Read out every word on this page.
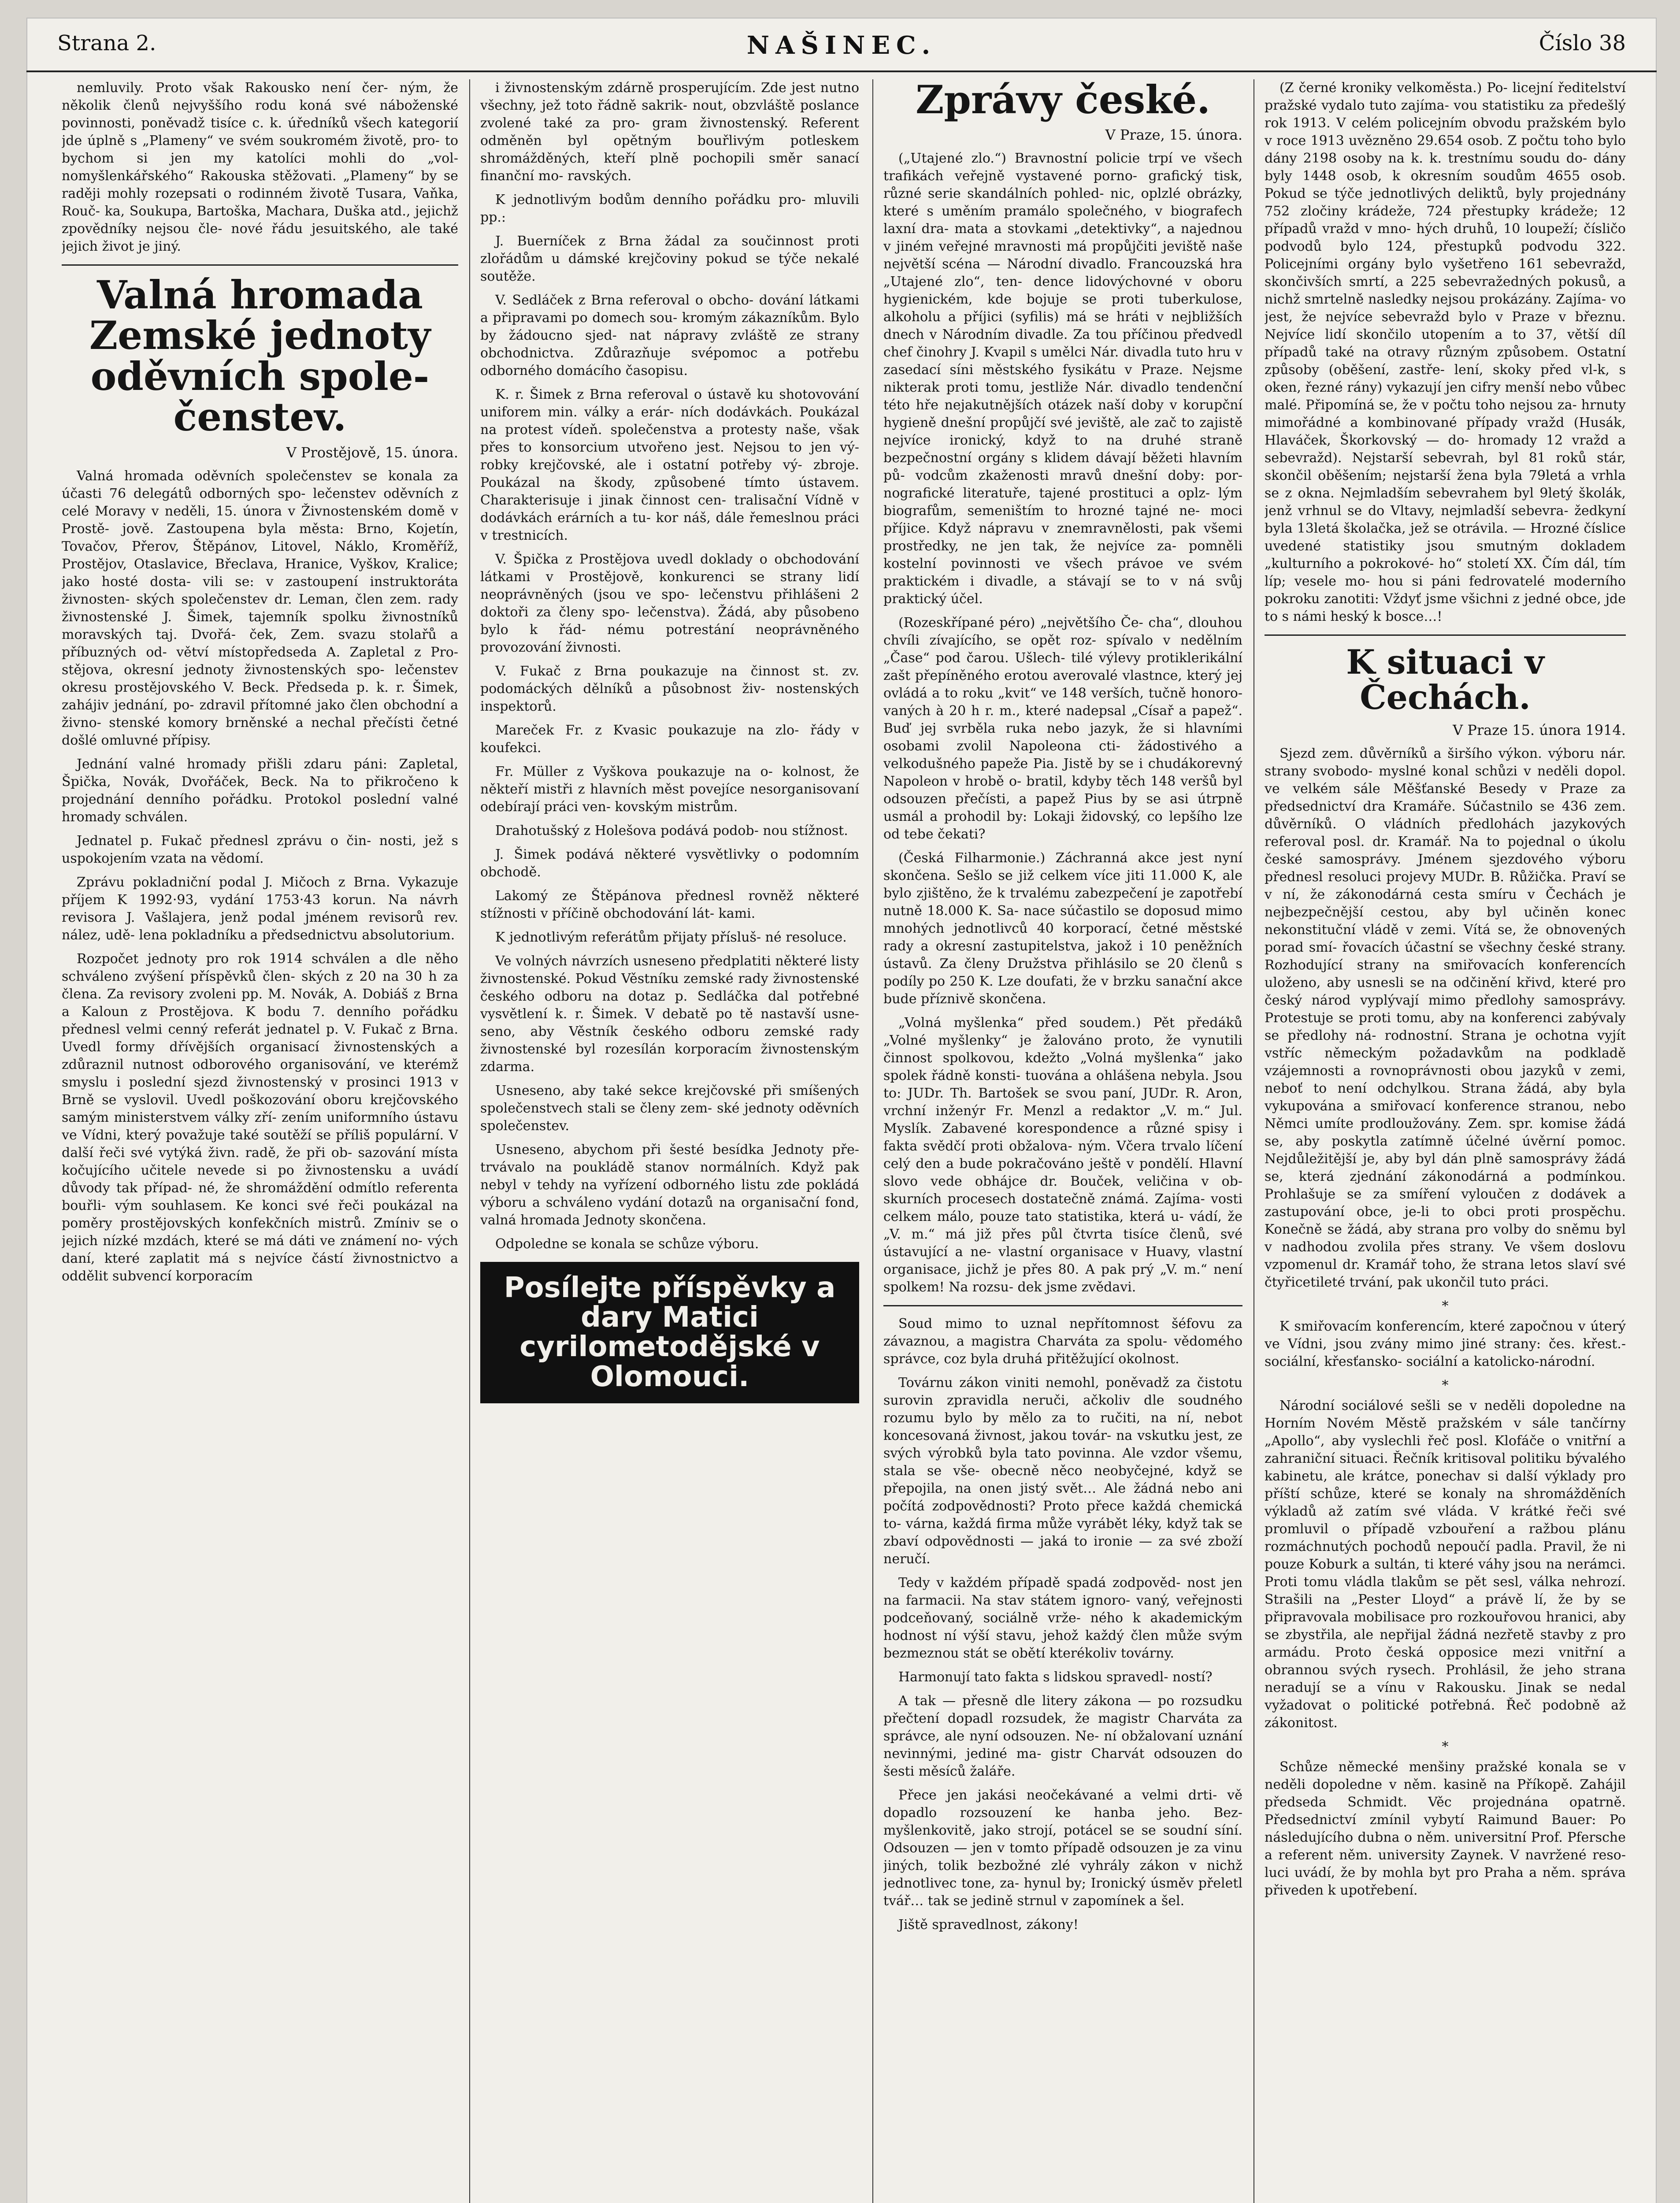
Strana 2.	NAŠINEC.	Číslo 38

nemluvily. Proto však Rakousko není čer‑ ným, že několik členů nejvyššího rodu koná své náboženské povinnosti, poněvadž tisíce c. k. úředníků všech kategorií jde úplně s „Plameny“ ve svém soukromém životě, pro‑ to bychom si jen my katolíci mohli do „vol‑ nomyšlenkářského“ Rakouska stěžovati. „Plameny“ by se raději mohly rozepsati o rodinném životě Tusara, Vaňka, Rouč‑ ka, Soukupa, Bartoška, Machara, Duška atd., jejichž zpovědníky nejsou čle‑ nové řádu jesuitského, ale také jejich život je jiný.

Valná hromada Zemské jednoty oděvních spole‑ čenstev.

V Prostějově, 15. února.

Valná hromada oděvních společenstev se konala za účasti 76 delegátů odborných spo‑ lečenstev oděvních z celé Moravy v neděli, 15. února v Živnostenském domě v Prostě‑ jově. Zastoupena byla města: Brno, Kojetín, Tovačov, Přerov, Štěpánov, Litovel, Náklo, Kroměříž, Prostějov, Otaslavice, Břeclava, Hranice, Vyškov, Kralice; jako hosté dosta‑ vili se: v zastoupení instruktoráta živnosten‑ ských společenstev dr. Leman, člen zem. rady živnostenské J. Šimek, tajemník spolku živnostníků moravských taj. Dvořá‑ ček, Zem. svazu stolařů a příbuzných od‑ větví místopředseda A. Zapletal z Pro‑ stějova, okresní jednoty živnostenských spo‑ lečenstev okresu prostějovského V. Beck. Předseda p. k. r. Šimek, zahájiv jednání, po‑ zdravil přítomné jako člen obchodní a živno‑ stenské komory brněnské a nechal přečísti četné došlé omluvné přípisy.

Jednání valné hromady přišli zdaru páni: Zapletal, Špička, Novák, Dvořáček, Beck. Na to přikročeno k projednání denního pořádku. Protokol poslední valné hromady schválen.

Jednatel p. Fukač přednesl zprávu o čin‑ nosti, jež s uspokojením vzata na vědomí.

Zprávu pokladniční podal J. Mičoch z Brna. Vykazuje příjem K 1992·93, vydání 1753·43 korun. Na návrh revisora J. Vašlajera, jenž podal jménem revisorů rev. nález, udě‑ lena pokladníku a předsednictvu absolutorium.

Rozpočet jednoty pro rok 1914 schválen a dle něho schváleno zvýšení příspěvků člen‑ ských z 20 na 30 h za člena. Za revisory zvoleni pp. M. Novák, A. Dobiáš z Brna a Kaloun z Prostějova. K bodu 7. denního pořádku přednesl velmi cenný referát jednatel p. V. Fukač z Brna. Uvedl formy dřívějších organisací živnostenských a zdůraznil nutnost odborového organisování, ve kterémž smyslu i poslední sjezd živnostenský v prosinci 1913 v Brně se vyslovil. Uvedl poškozování oboru krejčovského samým ministerstvem války zří‑ zením uniformního ústavu ve Vídni, který považuje také soutěží se příliš populární. V další řeči své vytýká živn. radě, že při ob‑ sazování místa kočujícího učitele nevede si po živnostensku a uvádí důvody tak případ‑ né, že shromáždění odmítlo referenta bouřli‑ vým souhlasem. Ke konci své řeči poukázal na poměry prostějovských konfekčních mistrů. Zmíniv se o jejich nízké mzdách, které se má dáti ve známení no‑ vých daní, které zaplatit má s nejvíce částí živnostnictvo a oddělit subvencí korporacím

i živnostenským zdárně prosperujícím. Zde jest nutno všechny, jež toto řádně sakrik‑ nout, obzvláště poslance zvolené také za pro‑ gram živnostenský. Referent odměněn byl opětným bouřlivým potleskem shromážděných, kteří plně pochopili směr sanací finanční mo‑ ravských.

K jednotlivým bodům denního pořádku pro‑ mluvili pp.:

J. Buerníček z Brna žádal za součinnost proti zlořádům u dámské krejčoviny pokud se týče nekalé soutěže.

V. Sedláček z Brna referoval o obcho‑ dování látkami a připravami po domech sou‑ kromým zákazníkům. Bylo by žádoucno sjed‑ nat nápravy zvláště ze strany obchodnictva. Zdůrazňuje svépomoc a potřebu odborného domácího časopisu.

K. r. Šimek z Brna referoval o ústavě ku shotovování uniforem min. války a erár‑ ních dodávkách. Poukázal na protest vídeň. společenstva a protesty naše, však přes to konsorcium utvořeno jest. Nejsou to jen vý‑ robky krejčovské, ale i ostatní potřeby vý‑ zbroje. Poukázal na škody, způsobené tímto ústavem. Charakterisuje i jinak činnost cen‑ tralisační Vídně v dodávkách erárních a tu‑ kor náš, dále řemeslnou práci v trestnicích.

V. Špička z Prostějova uvedl doklady o obchodování látkami v Prostějově, konkurenci se strany lidí neoprávněných (jsou ve spo‑ lečenstvu přihlášeni 2 doktoři za členy spo‑ lečenstva). Žádá, aby působeno bylo k řád‑ nému potrestání neoprávněného provozování živnosti.

V. Fukač z Brna poukazuje na činnost st. zv. podomáckých dělníků a působnost živ‑ nostenských inspektorů.

Mareček Fr. z Kvasic poukazuje na zlo‑ řády v koufekci.

Fr. Müller z Vyškova poukazuje na o‑ kolnost, že někteří mistři z hlavních měst povejíce nesorganisovaní odebírají práci ven‑ kovským mistrům.

Drahotušský z Holešova podává podob‑ nou stížnost.

J. Šimek podává některé vysvětlivky o podomním obchodě.

Lakomý ze Štěpánova přednesl rovněž některé stížnosti v příčině obchodování lát‑ kami.

K jednotlivým referátům přijaty přísluš‑ né resoluce.

Ve volných návrzích usneseno předplatiti některé listy živnostenské. Pokud Věstníku zemské rady živnostenské českého odboru na dotaz p. Sedláčka dal potřebné vysvětlení k. r. Šimek. V debatě po tě nastavší usne‑ seno, aby Věstník českého odboru zemské rady živnostenské byl rozesílán korporacím živnostenským zdarma.

Usneseno, aby také sekce krejčovské při smíšených společenstvech stali se členy zem‑ ské jednoty oděvních společenstev.

Usneseno, abychom při šesté besídka Jednoty pře‑ trvávalo na poukládě stanov normálních. Když pak nebyl v tehdy na vyřízení odborného listu zde pokládá výboru a schváleno vydání dotazů na organisační fond, valná hromada Jednoty skončena.

Odpoledne se konala se schůze výboru.

Posílejte příspěvky a dary Matici cyrilometodějské v Olomouci.

Zprávy české.

V Praze, 15. února.

(„Utajené zlo.“) Bravnostní policie trpí ve všech trafikách veřejně vystavené porno‑ grafický tisk, různé serie skandálních pohled‑ nic, oplzlé obrázky, které s uměním pramálo společného, v biografech laxní dra‑ mata a stovkami „detektivky“, a najednou v jiném veřejné mravnosti má propůjčiti jeviště naše největší scéna — Národní divadlo. Francouzská hra „Utajené zlo“, ten‑ dence lidovýchovné v oboru hygienickém, kde bojuje se proti tuberkulose, alkoholu a příjici (syfilis) má se hráti v nejbližších dnech v Národním divadle. Za tou příčinou předvedl chef činohry J. Kvapil s umělci Nár. divadla tuto hru v zasedací síni městského fysikátu v Praze. Nejsme nikterak proti tomu, jestliže Nár. divadlo tendenční této hře nejakutnějších otázek naší doby v korupční hygieně dnešní propůjčí své jeviště, ale zač to zajistě nejvíce ironický, když to na druhé straně bezpečnostní orgány s klidem dávají běžeti hlavním pů‑ vodcům zkaženosti mravů dnešní doby: por‑ nografické literatuře, tajené prostituci a oplz‑ lým biografům, semeništím to hrozné tajné ne‑ moci příjice. Když nápravu v znemravnělosti, pak všemi prostředky, ne jen tak, že nejvíce za‑ pomněli kostelní povinnosti ve všech právoe ve svém praktickém i divadle, a stávají se to v ná svůj praktický účel.

(Rozeskřípané péro) „největšího Če‑ cha“, dlouhou chvíli zívajícího, se opět roz‑ spívalo v nedělním „Čase“ pod čarou. Ušlech‑ tilé výlevy protiklerikální zašt přepíněného erotou averovalé vlastnce, který jej ovládá a to roku „kvit“ ve 148 verších, tučně honoro‑ vaných à 20 h r. m., které nadepsal „Císař a papež“. Buď jej svrběla ruka nebo jazyk, že si hlavními osobami zvolil Napoleona cti‑ žádostivého a velkodušného papeže Pia. Jistě by se i chudákorevný Napoleon v hrobě o‑ bratil, kdyby těch 148 veršů byl odsouzen přečísti, a papež Pius by se asi útrpně usmál a prohodil by: Lokaji židovský, co lepšího lze od tebe čekati?

(Česká Filharmonie.) Záchranná akce jest nyní skončena. Sešlo se již celkem více jiti 11.000 K, ale bylo zjištěno, že k trvalému zabezpečení je zapotřebí nutně 18.000 K. Sa‑ nace súčastilo se doposud mimo mnohých jednotlivců 40 korporací, četné městské rady a okresní zastupitelstva, jakož i 10 peněžních ústavů. Za členy Družstva přihlásilo se 20 členů s podíly po 250 K. Lze doufati, že v brzku sanační akce bude příznivě skončena.

„Volná myšlenka“ před soudem.) Pět předáků „Volné myšlenky“ je žalováno proto, že vynutili činnost spolkovou, kdežto „Volná myšlenka“ jako spolek řádně konsti‑ tuována a ohlášena nebyla. Jsou to: JUDr. Th. Bartošek se svou paní, JUDr. R. Aron, vrchní inženýr Fr. Menzl a redaktor „V. m.“ Jul. Myslík. Zabavené korespondence a různé spisy i fakta svědčí proti obžalova‑ ným. Včera trvalo líčení celý den a bude pokračováno ještě v pondělí. Hlavní slovo vede obhájce dr. Bouček, veličina v ob‑ skurních procesech dostatečně známá. Zajíma‑ vosti celkem málo, pouze tato statistika, která u‑ vádí, že „V. m.“ má již přes půl čtvrta tisíce členů, své ústavující a ne‑ vlastní organisace v Huavy, vlastní organisace, jichž je přes 80. A pak prý „V. m.“ není spolkem! Na rozsu‑ dek jsme zvědavi.

Soud mimo to uznal nepřítomnost šéfovu za závaznou, a magistra Charváta za spolu‑ vědomého správce, coz byla druhá přitěžující okolnost.

Továrnu zákon viniti nemohl, poněvadž za čistotu surovin zpravidla neruči, ačkoliv dle soudného rozumu bylo by mělo za to ručiti, na ní, nebot koncesovaná živnost, jakou továr‑ na vskutku jest, ze svých výrobků byla tato povinna. Ale vzdor všemu, stala se vše‑ obecně něco neobyčejné, když se přepojila, na onen jistý svět… Ale žádná nebo ani počítá zodpovědnosti? Proto přece každá chemická to‑ várna, každá firma může vyrábět léky, když tak se zbaví odpovědnosti — jaká to ironie — za své zboží neručí.

Tedy v každém případě spadá zodpověd‑ nost jen na farmacii. Na stav státem ignoro‑ vaný, veřejnosti podceňovaný, sociálně vrže‑ ného k akademickým hodnost ní výší stavu, jehož každý člen může svým bezmeznou stát se obětí kterékoliv továrny.

Harmonují tato fakta s lidskou spravedl‑ ností?

A tak — přesně dle litery zákona — po rozsudku přečtení dopadl rozsudek, že magistr Charváta za správce, ale nyní odsouzen. Ne‑ ní obžalovaní uznání nevinnými, jediné ma‑ gistr Charvát odsouzen do šesti měsíců žaláře.

Přece jen jakási neočekávané a velmi drti‑ vě dopadlo rozsouzení ke hanba jeho. Bez‑ myšlenkovitě, jako strojí, potácel se se soudní síní. Odsouzen — jen v tomto případě odsouzen je za vinu jiných, tolik bezbožné zlé vyhrály zákon v nichž jednotlivec tone, za‑ hynul by; Ironický úsměv přeletl tvář… tak se jedině strnul v zapomínek a šel.

Jiště spravedlnost, zákony!

(Z černé kroniky velkoměsta.) Po‑ licejní ředitelství pražské vydalo tuto zajíma‑ vou statistiku za předešlý rok 1913. V celém policejním obvodu pražském bylo v roce 1913 uvězněno 29.654 osob. Z počtu toho bylo dány 2198 osoby na k. k. trestnímu soudu do‑ dány byly 1448 osob, k okresním soudům 4655 osob. Pokud se týče jednotlivých deliktů, byly projednány 752 zločiny krádeže, 724 přestupky krádeže; 12 případů vražd v mno‑ hých druhů, 10 loupeží; čísličo podvodů bylo 124, přestupků podvodu 322. Policejními orgány bylo vyšetřeno 161 sebevražd, skončivších smrtí, a 225 sebevražedných pokusů, a nichž smrtelně nasledky nejsou prokázány. Zajíma‑ vo jest, že nejvíce sebevražd bylo v Praze v březnu. Nejvíce lidí skončilo utopením a to 37, větší díl případů také na otravy různým způsobem. Ostatní způsoby (oběšení, zastře‑ lení, skoky před vl‑k, s oken, řezné rány) vykazují jen cifry menší nebo vůbec malé. Připomíná se, že v počtu toho nejsou za‑ hrnuty mimořádné a kombinované případy vražd (Husák, Hlaváček, Škorkovský — do‑ hromady 12 vražd a sebevražd). Nejstarší sebevrah, byl 81 roků stár, skončil oběšením; nejstarší žena byla 79letá a vrhla se z okna. Nejmladším sebevrahem byl 9letý školák, jenž vrhnul se do Vltavy, nejmladší sebevra‑ žedkyní byla 13letá školačka, jež se otrávila. — Hrozné číslice uvedené statistiky jsou smutným dokladem „kulturního a pokrokové‑ ho“ století XX. Čím dál, tím líp; vesele mo‑ hou si páni fedrovatelé moderního pokroku zanotiti: Vždyť jsme všichni z jedné obce, jde to s námi heský k bosce…!

K situaci v Čechách.

V Praze 15. února 1914.

Sjezd zem. důvěrníků a širšího výkon. výboru nár. strany svobodo‑ myslné konal schůzi v neděli dopol. ve velkém sále Měšťanské Besedy v Praze za předsednictví dra Kramáře. Súčastnilo se 436 zem. důvěrníků. O vládních předlohách jazykových referoval posl. dr. Kramář. Na to pojednal o úkolu české samosprávy. Jménem sjezdového výboru přednesl resoluci projevy MUDr. B. Růžička. Praví se v ní, že zákonodárná cesta smíru v Čechách je nejbezpečnější cestou, aby byl učiněn konec nekonstituční vládě v zemi. Vítá se, že obnovených porad smí‑ řovacích účastní se všechny české strany. Rozhodující strany na smiřovacích konferencích uloženo, aby usnesli se na odčinění křivd, které pro český národ vyplývají mimo předlohy samosprávy. Protestuje se proti tomu, aby na konferenci zabývaly se předlohy ná‑ rodnostní. Strana je ochotna vyjít vstříc německým požadavkům na podkladě vzájemnosti a rovnoprávnosti obou jazyků v zemi, neboť to není odchylkou. Strana žádá, aby byla vykupována a smiřovací konference stranou, nebo Němci umíte prodloužovány. Zem. spr. komise žádá se, aby poskytla zatímně účelné úvěrní pomoc. Nejdůležitější je, aby byl dán plně samosprávy žádá se, která zjednání zákonodárná a podmínkou. Prohlašuje se za smíření vyloučen z dodávek a zastupování obce, je‑li to obci proti prospěchu. Konečně se žádá, aby strana pro volby do sněmu byl v nadhodou zvolila přes strany. Ve všem doslovu vzpomenul dr. Kramář toho, že strana letos slaví své čtyřicetileté trvání, pak ukončil tuto práci.

*

K smiřovacím konferencím, které započnou v úterý ve Vídni, jsou zvány mimo jiné strany: čes. křest.-sociální, křesťansko‑ sociální a katolicko‑národní.

*

Národní sociálové sešli se v neděli dopoledne na Horním Novém Městě pražském v sále tančírny „Apollo“, aby vyslechli řeč posl. Klofáče o vnitřní a zahraniční situaci. Řečník kritisoval politiku bývalého kabinetu, ale krátce, ponechav si další výklady pro příští schůze, které se konaly na shromážděních výkladů až zatím své vláda. V krátké řeči své promluvil o případě vzbouření a ražbou plánu rozmáchnutých pochodů nepoučí padla. Pravil, že ni pouze Koburk a sultán, ti které váhy jsou na nerámci. Proti tomu vládla tlakům se pět sesl, válka nehrozí. Strašili na „Pester Lloyd“ a právě lí, že by se připravovala mobilisace pro rozkouřovou hranici, aby se zbystřila, ale nepřijal žádná nezřetě stavby z pro armádu. Proto česká opposice mezi vnitřní a obrannou svých rysech. Prohlásil, že jeho strana neradují se a vínu v Rakousku. Jinak se nedal vyžadovat o politické potřebná. Řeč podobně až zákonitost.

*

Schůze německé menšiny pražské konala se v neděli dopoledne v něm. kasině na Příkopě. Zahájil předseda Schmidt. Věc projednána opatrně. Předsednictví zmínil vybytí Raimund Bauer: Po následujícího dubna o něm. universitní Prof. Pfersche a referent něm. university Zaynek. V navržené reso‑ luci uvádí, že by mohla byt pro Praha a něm. správa přiveden k upotřebení.
